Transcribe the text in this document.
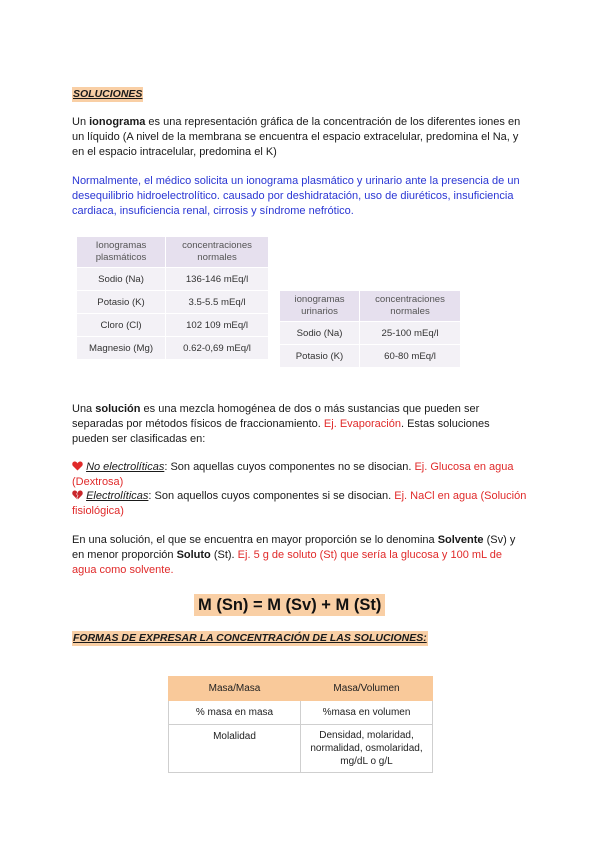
SOLUCIONES
Un ionograma es una representación gráfica de la concentración de los diferentes iones en un líquido (A nivel de la membrana se encuentra el espacio extracelular, predomina el Na, y en el espacio intracelular, predomina el K)
Normalmente, el médico solicita un ionograma plasmático y urinario ante la presencia de un desequilibrio hidroelectrolítico. causado por deshidratación, uso de diuréticos, insuficiencia cardiaca, insuficiencia renal, cirrosis y síndrome nefrótico.
Ionogramas plasmáticos	concentraciones normales
Sodio (Na)	136-146 mEq/l
Potasio (K)	3.5-5.5 mEq/l
Cloro (Cl)	102 109 mEq/l
Magnesio (Mg)	0.62-0,69 mEq/l
ionogramas urinarios	concentraciones normales
Sodio (Na)	25-100 mEq/l
Potasio (K)	60-80 mEq/l
Una solución es una mezcla homogénea de dos o más sustancias que pueden ser separadas por métodos físicos de fraccionamiento. Ej. Evaporación. Estas soluciones pueden ser clasificadas en:
No electrolíticas: Son aquellas cuyos componentes no se disocian. Ej. Glucosa en agua (Dextrosa)
Electrolíticas: Son aquellos cuyos componentes si se disocian. Ej. NaCl en agua (Solución fisiológica)
En una solución, el que se encuentra en mayor proporción se lo denomina Solvente (Sv) y en menor proporción Soluto (St). Ej. 5 g de soluto (St) que sería la glucosa y 100 mL de agua como solvente.
M (Sn) = M (Sv) + M (St)
FORMAS DE EXPRESAR LA CONCENTRACIÓN DE LAS SOLUCIONES:
Masa/Masa	Masa/Volumen
% masa en masa	%masa en volumen
Molalidad	Densidad, molaridad, normalidad, osmolaridad, mg/dL o g/L
